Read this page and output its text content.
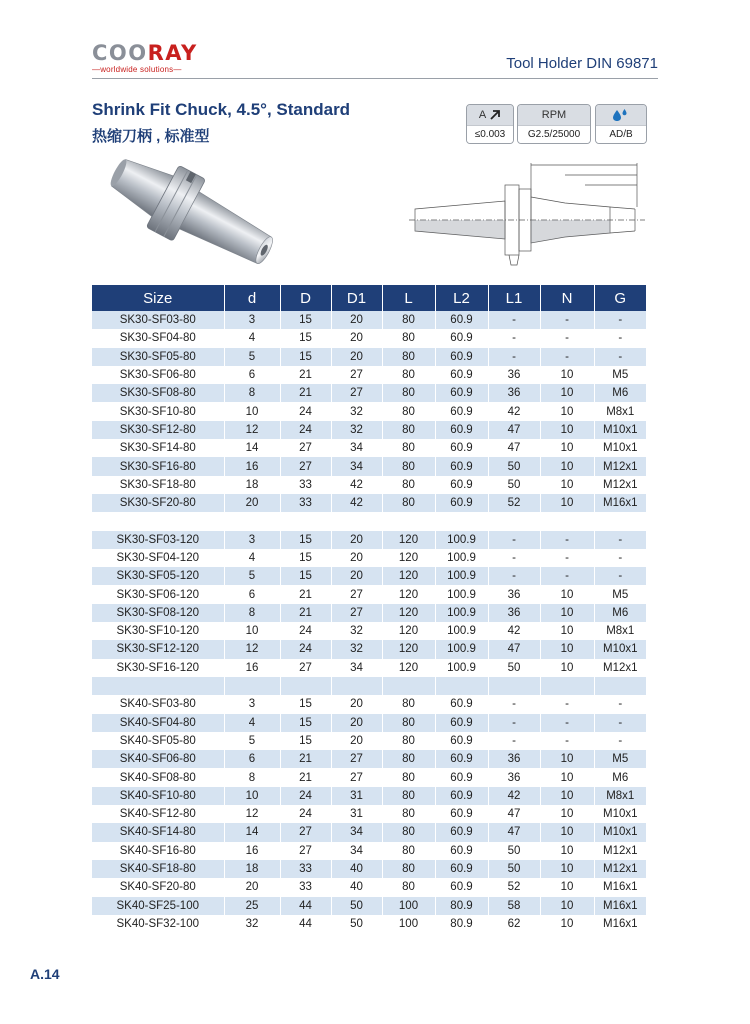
COORAY
—worldwide solutions—	Tool Holder DIN 69871
Shrink Fit Chuck, 4.5°, Standard
热缩刀柄 , 标准型
A
≤0.003
RPM
G2.5/25000	AD/B
Size	d	D	D1	L	L2	L1	N	G
SK30-SF03-80	3	15	20	80	60.9	-	-	-
SK30-SF04-80	4	15	20	80	60.9	-	-	-
SK30-SF05-80	5	15	20	80	60.9	-	-	-
SK30-SF06-80	6	21	27	80	60.9	36	10	M5
SK30-SF08-80	8	21	27	80	60.9	36	10	M6
SK30-SF10-80	10	24	32	80	60.9	42	10	M8x1
SK30-SF12-80	12	24	32	80	60.9	47	10	M10x1
SK30-SF14-80	14	27	34	80	60.9	47	10	M10x1
SK30-SF16-80	16	27	34	80	60.9	50	10	M12x1
SK30-SF18-80	18	33	42	80	60.9	50	10	M12x1
SK30-SF20-80	20	33	42	80	60.9	52	10	M16x1

SK30-SF03-120	3	15	20	120	100.9	-	-	-
SK30-SF04-120	4	15	20	120	100.9	-	-	-
SK30-SF05-120	5	15	20	120	100.9	-	-	-
SK30-SF06-120	6	21	27	120	100.9	36	10	M5
SK30-SF08-120	8	21	27	120	100.9	36	10	M6
SK30-SF10-120	10	24	32	120	100.9	42	10	M8x1
SK30-SF12-120	12	24	32	120	100.9	47	10	M10x1
SK30-SF16-120	16	27	34	120	100.9	50	10	M12x1

SK40-SF03-80	3	15	20	80	60.9	-	-	-
SK40-SF04-80	4	15	20	80	60.9	-	-	-
SK40-SF05-80	5	15	20	80	60.9	-	-	-
SK40-SF06-80	6	21	27	80	60.9	36	10	M5
SK40-SF08-80	8	21	27	80	60.9	36	10	M6
SK40-SF10-80	10	24	31	80	60.9	42	10	M8x1
SK40-SF12-80	12	24	31	80	60.9	47	10	M10x1
SK40-SF14-80	14	27	34	80	60.9	47	10	M10x1
SK40-SF16-80	16	27	34	80	60.9	50	10	M12x1
SK40-SF18-80	18	33	40	80	60.9	50	10	M12x1
SK40-SF20-80	20	33	40	80	60.9	52	10	M16x1
SK40-SF25-100	25	44	50	100	80.9	58	10	M16x1
SK40-SF32-100	32	44	50	100	80.9	62	10	M16x1
A.14
